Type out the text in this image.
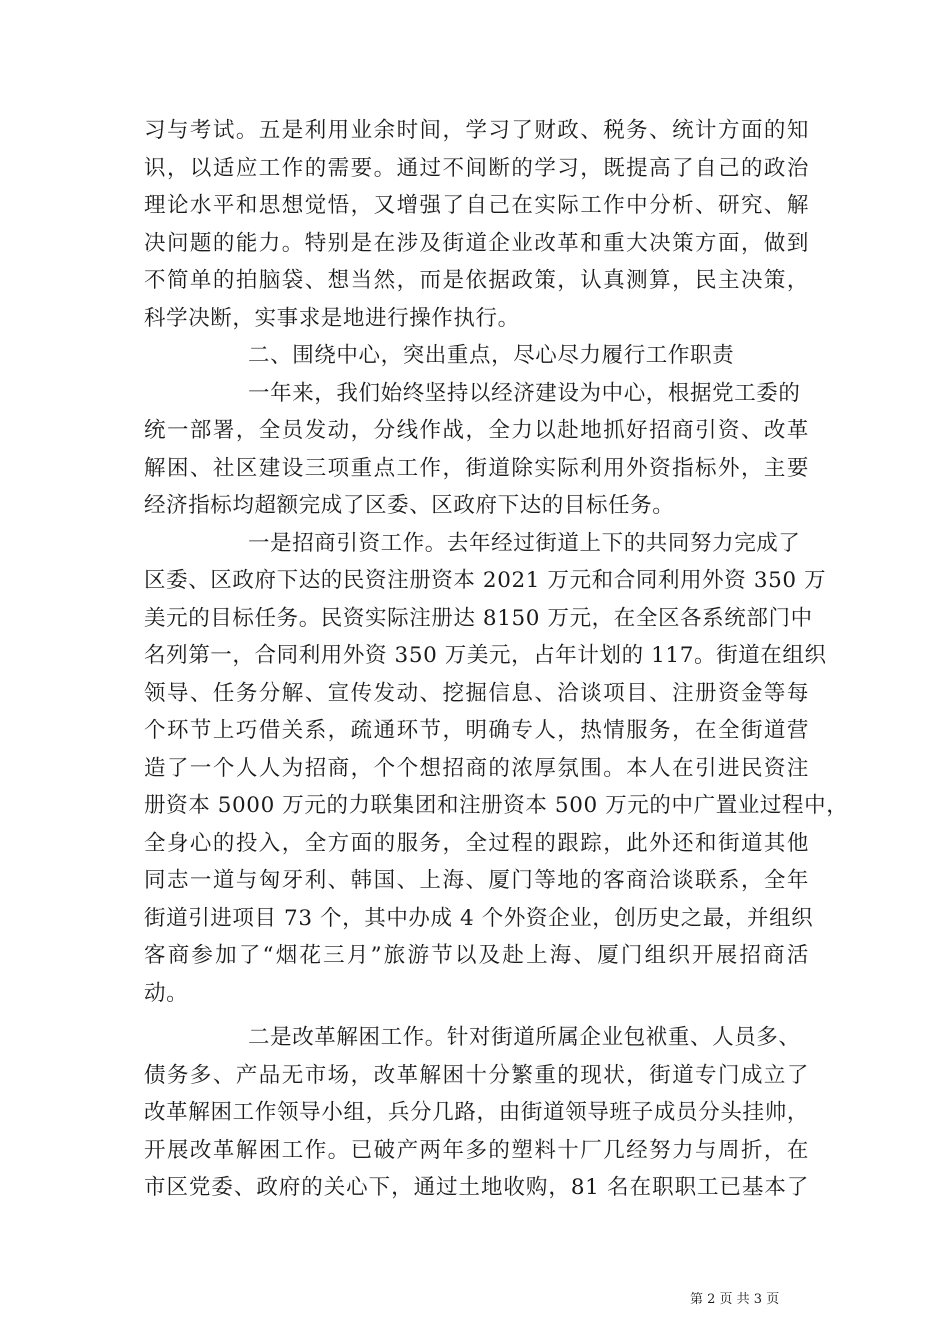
习与考试。五是利用业余时间，学习了财政、税务、统计方面的知
识，以适应工作的需要。通过不间断的学习，既提高了自己的政治
理论水平和思想觉悟，又增强了自己在实际工作中分析、研究、解
决问题的能力。特别是在涉及街道企业改革和重大决策方面，做到
不简单的拍脑袋、想当然，而是依据政策，认真测算，民主决策，
科学决断，实事求是地进行操作执行。
二、围绕中心，突出重点，尽心尽力履行工作职责
一年来，我们始终坚持以经济建设为中心，根据党工委的
统一部署，全员发动，分线作战，全力以赴地抓好招商引资、改革
解困、社区建设三项重点工作，街道除实际利用外资指标外，主要
经济指标均超额完成了区委、区政府下达的目标任务。
一是招商引资工作。去年经过街道上下的共同努力完成了
区委、区政府下达的民资注册资本 2021 万元和合同利用外资 350 万
美元的目标任务。民资实际注册达 8150 万元，在全区各系统部门中
名列第一，合同利用外资 350 万美元，占年计划的 117。街道在组织
领导、任务分解、宣传发动、挖掘信息、洽谈项目、注册资金等每
个环节上巧借关系，疏通环节，明确专人，热情服务，在全街道营
造了一个人人为招商，个个想招商的浓厚氛围。本人在引进民资注
册资本 5000 万元的力联集团和注册资本 500 万元的中广置业过程中，
全身心的投入，全方面的服务，全过程的跟踪，此外还和街道其他
同志一道与匈牙利、韩国、上海、厦门等地的客商洽谈联系，全年
街道引进项目 73 个，其中办成 4 个外资企业，创历史之最，并组织
客商参加了“烟花三月”旅游节以及赴上海、厦门组织开展招商活
动。
二是改革解困工作。针对街道所属企业包袱重、人员多、
债务多、产品无市场，改革解困十分繁重的现状，街道专门成立了
改革解困工作领导小组，兵分几路，由街道领导班子成员分头挂帅，
开展改革解困工作。已破产两年多的塑料十厂几经努力与周折，在
市区党委、政府的关心下，通过土地收购，81 名在职职工已基本了
第 2 页 共 3 页
